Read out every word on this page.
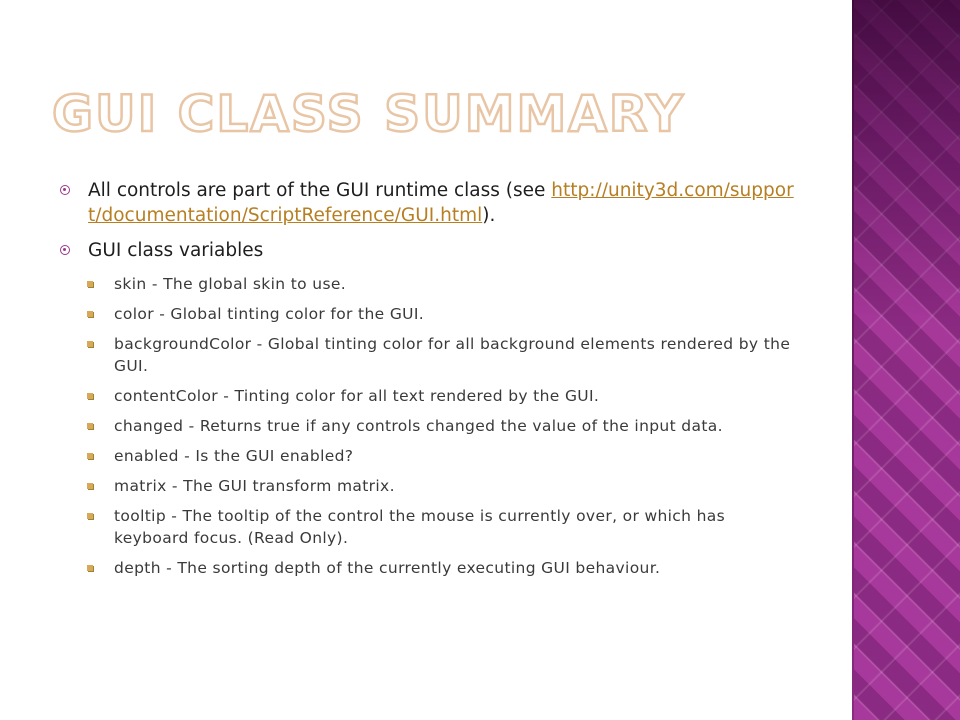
GUI CLASS SUMMARY

All controls are part of the GUI runtime class (see http://unity3d.com/support/documentation/ScriptReference/GUI.html).

GUI class variables

skin - The global skin to use.

color - Global tinting color for the GUI.

backgroundColor - Global tinting color for all background elements rendered by the GUI.

contentColor - Tinting color for all text rendered by the GUI.

changed - Returns true if any controls changed the value of the input data.

enabled - Is the GUI enabled?

matrix - The GUI transform matrix.

tooltip - The tooltip of the control the mouse is currently over, or which has keyboard focus. (Read Only).

depth - The sorting depth of the currently executing GUI behaviour.
